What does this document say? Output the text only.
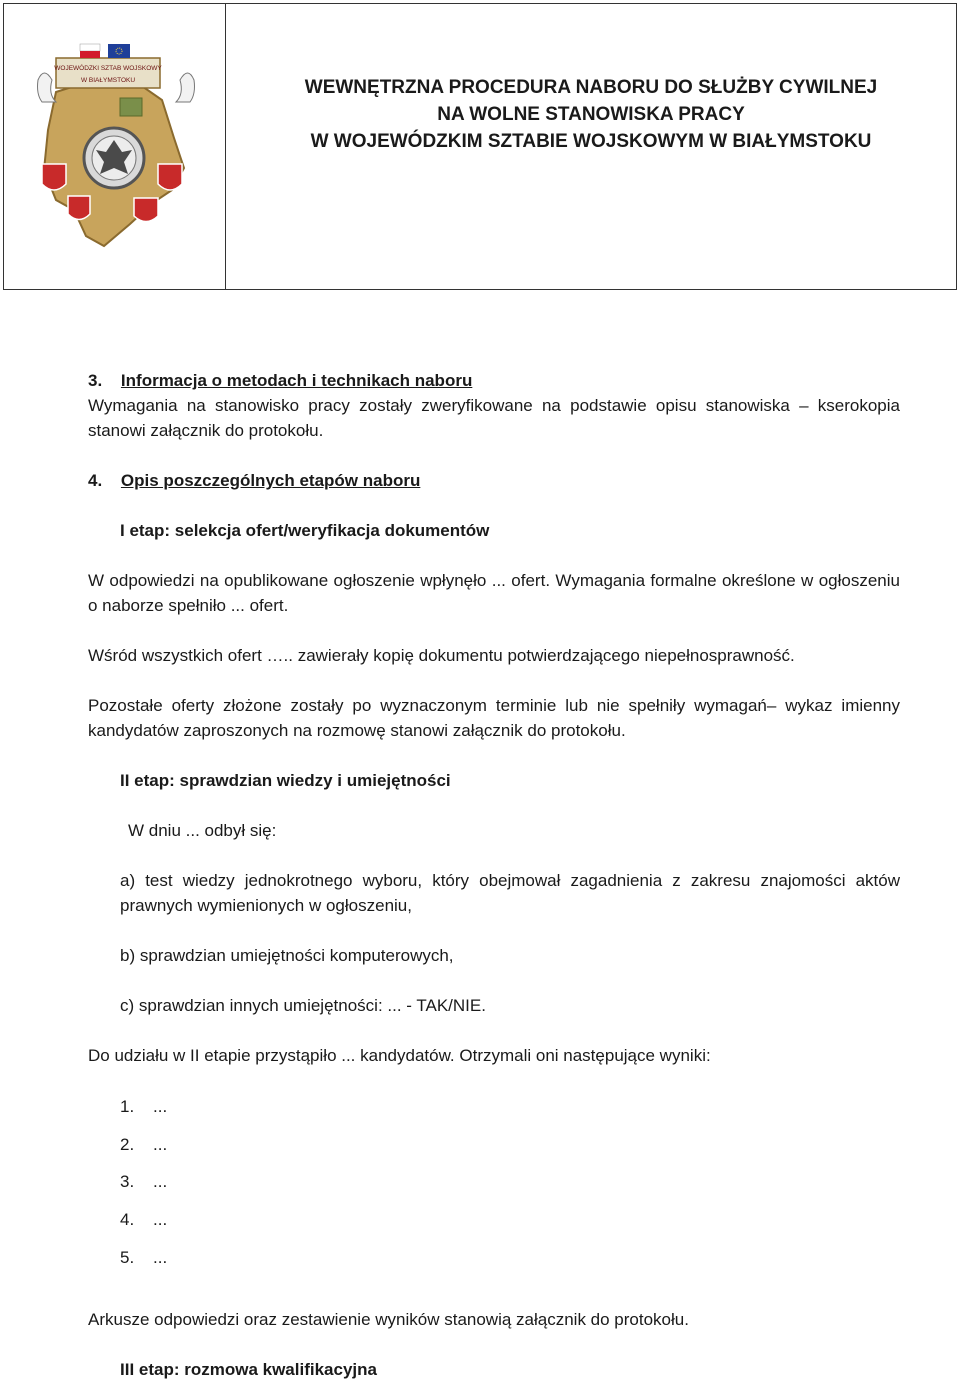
WOJEWÓDZKI SZTAB WOJSKOWY
W BIAŁYMSTOKU	WEWNĘTRZNA PROCEDURA NABORU DO SŁUŻBY CYWILNEJ
NA WOLNE STANOWISKA PRACY
W WOJEWÓDZKIM SZTABIE WOJSKOWYM W BIAŁYMSTOKU

3. Informacja o metodach i technikach naboru

Wymagania na stanowisko pracy zostały zweryfikowane na podstawie opisu stanowiska – kserokopia stanowi załącznik do protokołu.

4. Opis poszczególnych etapów naboru

I etap: selekcja ofert/weryfikacja dokumentów

W odpowiedzi na opublikowane ogłoszenie wpłynęło ... ofert. Wymagania formalne określone w ogłoszeniu o naborze spełniło ... ofert.

Wśród wszystkich ofert ….. zawierały kopię dokumentu potwierdzającego niepełnosprawność.

Pozostałe oferty złożone zostały po wyznaczonym terminie lub nie spełniły wymagań– wykaz imienny kandydatów zaproszonych na rozmowę stanowi załącznik do protokołu.

II etap: sprawdzian wiedzy i umiejętności

W dniu ... odbył się:

a) test wiedzy jednokrotnego wyboru, który obejmował zagadnienia z zakresu znajomości aktów prawnych wymienionych w ogłoszeniu,

b) sprawdzian umiejętności komputerowych,

c) sprawdzian innych umiejętności: ... - TAK/NIE.

Do udziału w II etapie przystąpiło ... kandydatów. Otrzymali oni następujące wyniki:

1. ...

2. ...

3. ...

4. ...

5. ...

Arkusze odpowiedzi oraz zestawienie wyników stanowią załącznik do protokołu.

III etap: rozmowa kwalifikacyjna
